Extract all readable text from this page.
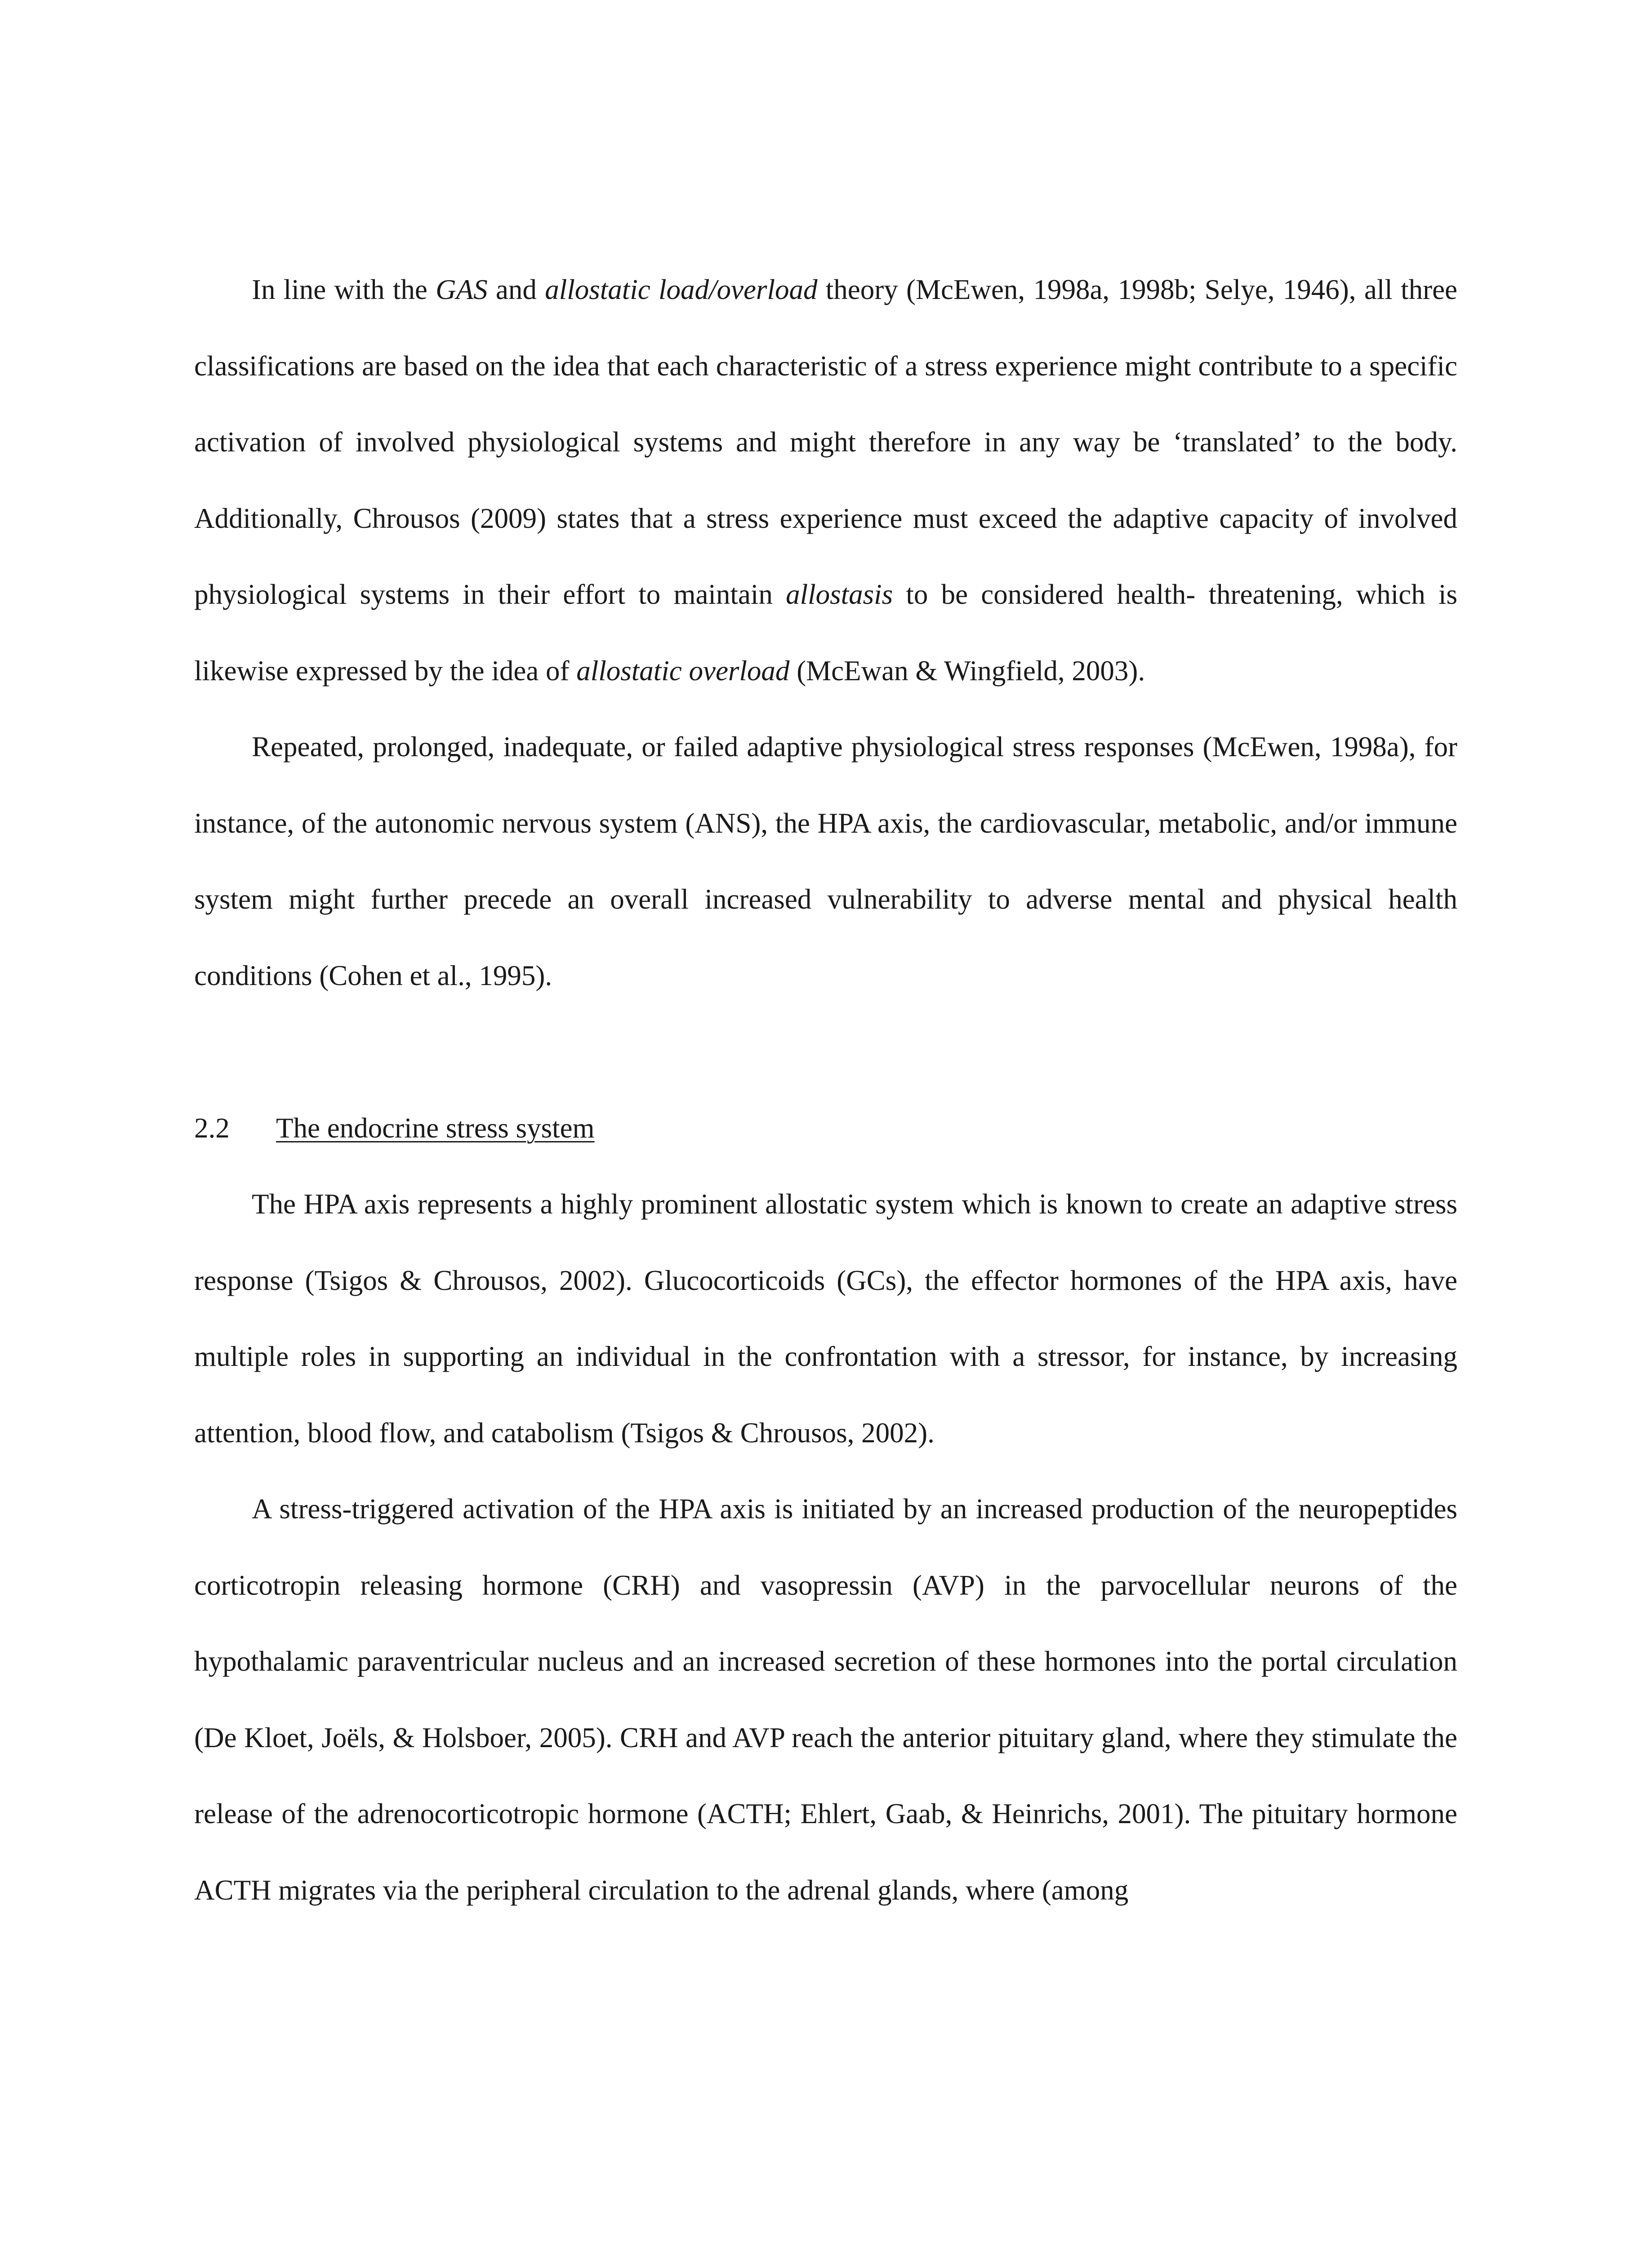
In line with the GAS and allostatic load/overload theory (McEwen, 1998a, 1998b; Selye, 1946), all three classifications are based on the idea that each characteristic of a stress experience might contribute to a specific activation of involved physiological systems and might therefore in any way be ‘translated’ to the body. Additionally, Chrousos (2009) states that a stress experience must exceed the adaptive capacity of involved physiological systems in their effort to maintain allostasis to be considered health- threatening, which is likewise expressed by the idea of allostatic overload (McEwan & Wingfield, 2003).

Repeated, prolonged, inadequate, or failed adaptive physiological stress responses (McEwen, 1998a), for instance, of the autonomic nervous system (ANS), the HPA axis, the cardiovascular, metabolic, and/or immune system might further precede an overall increased vulnerability to adverse mental and physical health conditions (Cohen et al., 1995).

2.2 The endocrine stress system

The HPA axis represents a highly prominent allostatic system which is known to create an adaptive stress response (Tsigos & Chrousos, 2002). Glucocorticoids (GCs), the effector hormones of the HPA axis, have multiple roles in supporting an individual in the confrontation with a stressor, for instance, by increasing attention, blood flow, and catabolism (Tsigos & Chrousos, 2002).

A stress-triggered activation of the HPA axis is initiated by an increased production of the neuropeptides corticotropin releasing hormone (CRH) and vasopressin (AVP) in the parvocellular neurons of the hypothalamic paraventricular nucleus and an increased secretion of these hormones into the portal circulation (De Kloet, Joëls, & Holsboer, 2005). CRH and AVP reach the anterior pituitary gland, where they stimulate the release of the adrenocorticotropic hormone (ACTH; Ehlert, Gaab, & Heinrichs, 2001). The pituitary hormone ACTH migrates via the peripheral circulation to the adrenal glands, where (among
